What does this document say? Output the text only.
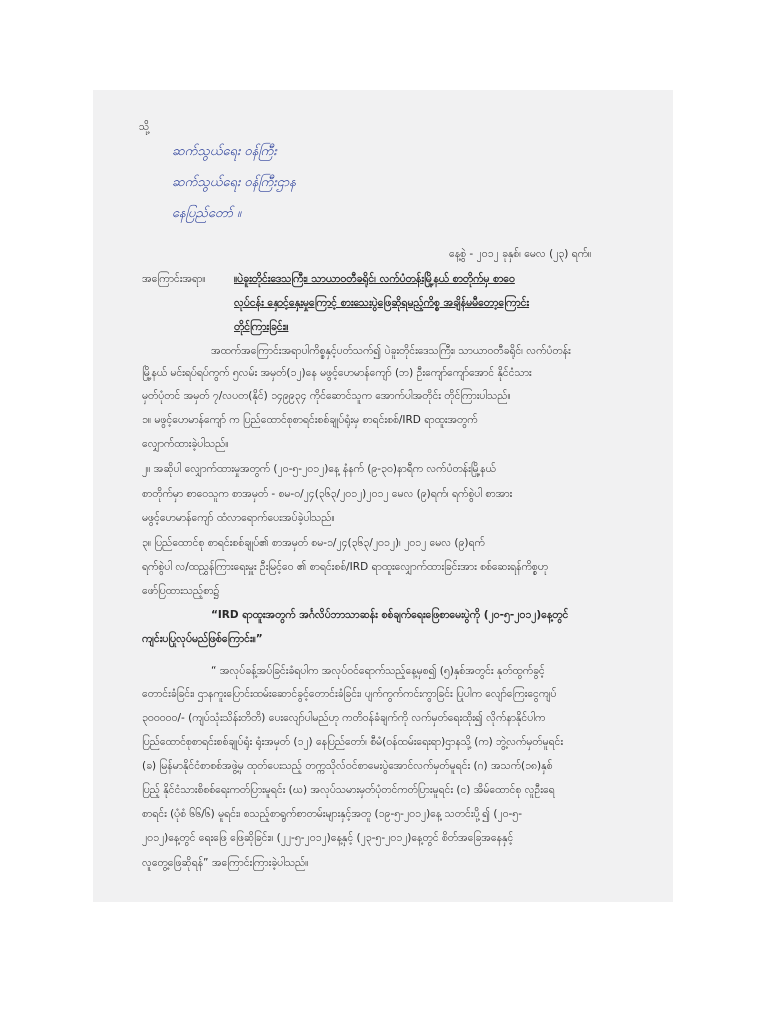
သို့
ဆက်သွယ်ရေး ဝန်ကြီး
ဆက်သွယ်ရေး ဝန်ကြီးဌာန
နေပြည်တော် ။
နေ့စွဲ - ၂၀၁၂ ခုနှစ်၊ မေလ (၂၃) ရက်။
အကြောင်းအရာ။	။ပဲခူးတိုင်းဒေသကြီး၊ သာယာဝတီခရိုင်၊ လက်ပံတန်းမြို့နယ် စာတိုက်မှ စာဝေ
လုပ်ငန်း နှောင့်နှေးမှုကြောင့် စားသေးပွဲဖြေဆိုရမည့်ကိစ္စ အချိန်မမီတော့ကြောင်း
တိုင်ကြားခြင်း။
အထက်အကြောင်းအရာပါကိစ္စနှင့်ပတ်သက်၍ ပဲခူးတိုင်းဒေသကြီး၊ သာယာဝတီခရိုင်၊ လက်ပံတန်း
မြို့နယ် မင်းရပ်ရပ်ကွက် ၅လမ်း အမှတ်(၁၂)နေ မဖွင့်ဟေမာန်ကျော် (ဘ) ဦးကျော်ကျော်အောင် နိုင်ငံသား
မှတ်ပုံတင် အမှတ် ၇/လပတ(နိုင်) ၁၄၉၉၃၄ ကိုင်ဆောင်သူက အောက်ပါအတိုင်း တိုင်ကြားပါသည်။
၁။ မဖွင့်ဟေမာန်ကျော် က ပြည်ထောင်စုစာရင်းစစ်ချုပ်ရုံးမှ စာရင်းစစ်/IRD ရာထူးအတွက်
လျှောက်ထားခဲ့ပါသည်။
၂။ အဆိုပါ လျှောက်ထားမှုအတွက် (၂၀-၅-၂၀၁၂)နေ့ နံနက် (၉-၃၀)နာရီက လက်ပံတန်းမြို့နယ်
စာတိုက်မှာ စာဝေသူက စာအမှတ် - စမ-၀/၂၄(၃၆၃/၂၀၁၂)၂၀၁၂ မေလ (၉)ရက်၊ ရက်စွဲပါ စာအား
မဖွင့်ဟေမာန်ကျော် ထံလာရောက်ပေးအပ်ခဲ့ပါသည်။
၃။ ပြည်ထောင်စု စာရင်းစစ်ချုပ်၏ စာအမှတ် စမ-၁/၂၄(၃၆၃/၂၀၁၂)၊ ၂၀၁၂ မေလ (၉)ရက်
ရက်စွဲပါ လ/ထညွှန်ကြားရေးမှူး ဦးမြင့်ဝေ ၏ စာရင်းစစ်/IRD ရာထူးလျှောက်ထားခြင်းအား စစ်ဆေးရန်ကိစ္စဟု
ဖော်ပြထားသည့်စာ၌
“IRD ရာထူးအတွက် အင်္ဂလိပ်ဘာသာဆန်း စစ်ချက်ရေးဖြေစာမေးပွဲကို (၂၀-၅-၂၀၁၂)နေ့တွင်
ကျင်းပပြုလုပ်မည်ဖြစ်ကြောင်း။”
“ အလုပ်ခန့်အပ်ခြင်းခံရပါက အလုပ်ဝင်ရောက်သည့်နေ့မှစ၍ (၅)နှစ်အတွင်း နုတ်ထွက်ခွင့်
တောင်းခံခြင်း၊ ဌာနကူးပြောင်းထမ်းဆောင်ခွင့်တောင်းခံခြင်း၊ ပျက်ကွက်ကင်းကွာခြင်း ပြုပါက လျော်ကြေးငွေကျပ်
၃၀၀၀၀၀/- (ကျပ်သုံးသိန်းတိတိ) ပေးလျော်ပါမည်ဟု ကတိဝန်ခံချက်ကို လက်မှတ်ရေးထိုး၍ လိုက်နာနိုင်ပါက
ပြည်ထောင်စုစာရင်းစစ်ချုပ်ရုံး ရုံးအမှတ် (၁၂) နေပြည်တော်၊ စီမံ(ဝန်ထမ်းရေးရာ)ဌာနသို့ (က) ဘွဲ့လက်မှတ်မူရင်း
(ခ) မြန်မာနိုင်ငံစာစစ်အဖွဲ့မှ ထုတ်ပေးသည့် တက္ကသိုလ်ဝင်စာမေးပွဲအောင်လက်မှတ်မူရင်း (ဂ) အသက်(၁၈)နှစ်
ပြည့် နိုင်ငံသားစိစစ်ရေးကတ်ပြားမူရင်း (ဃ) အလုပ်သမားမှတ်ပုံတင်ကတ်ပြားမူရင်း (င) အိမ်ထောင်စု လူဦးရေ
စာရင်း (ပုံစံ ၆၆/၆) မူရင်း၊ စသည့်စာရွက်စာတမ်းများနှင့်အတူ (၁၉-၅-၂၀၁၂)နေ့ သတင်းပို့၍ (၂၀-၅-
၂၀၁၂)နေ့တွင် ရေးဖြေ ဖြေဆိုခြင်း။ (၂၂-၅-၂၀၁၂)နေ့နှင့် (၂၃-၅-၂၀၁၂)နေ့တွင် စိတ်အခြေအနေနှင့်
လူတွေ့ဖြေဆိုရန်” အကြောင်းကြားခဲ့ပါသည်။
